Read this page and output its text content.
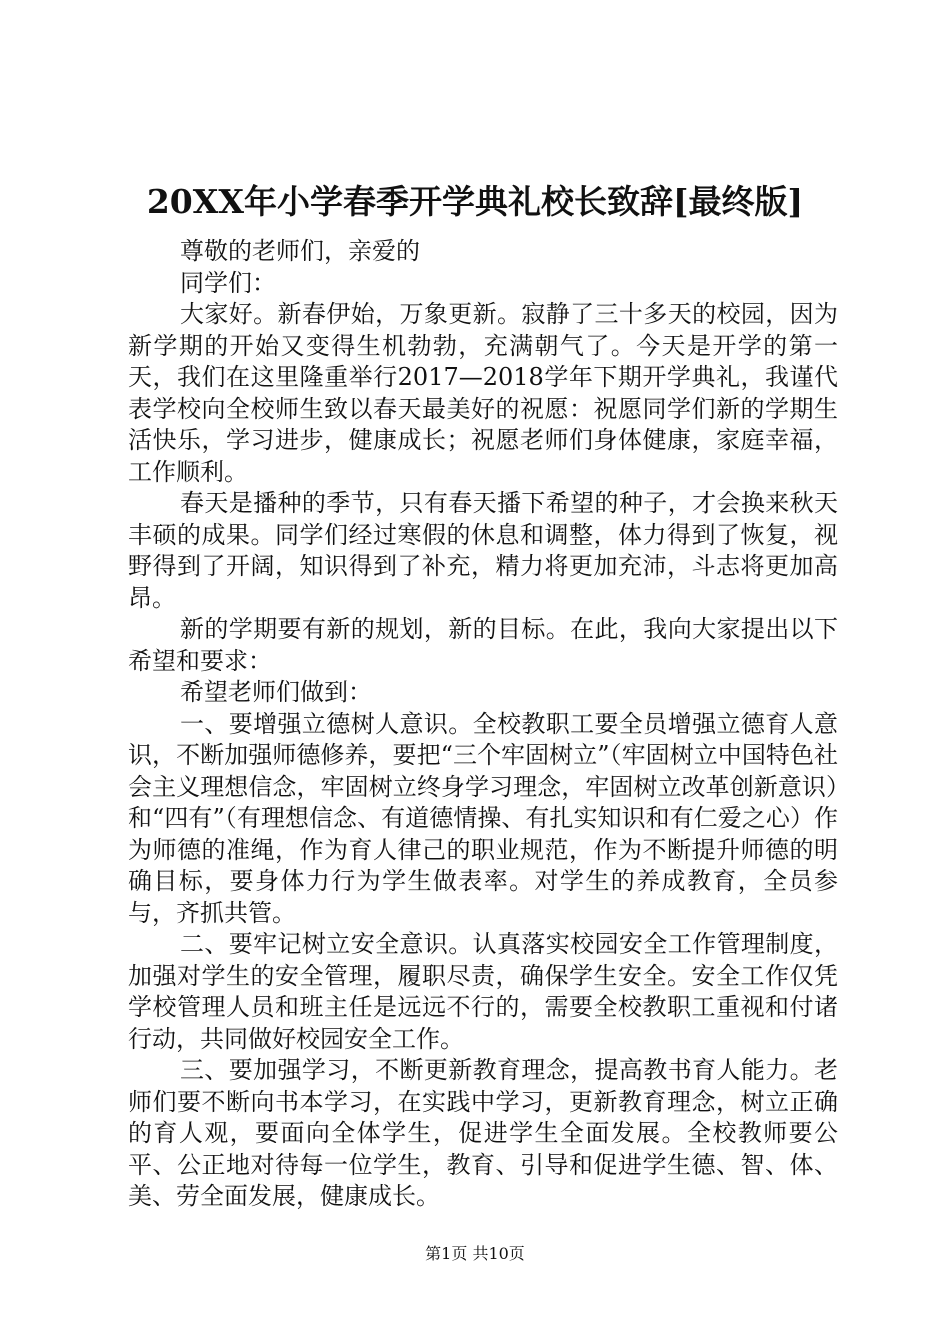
20XX年小学春季开学典礼校长致辞[最终版]

尊敬的老师们，亲爱的

同学们：

大家好。新春伊始，万象更新。寂静了三十多天的校园，因为新学期的开始又变得生机勃勃，充满朝气了。今天是开学的第一天，我们在这里隆重举行2017—2018学年下期开学典礼，我谨代表学校向全校师生致以春天最美好的祝愿：祝愿同学们新的学期生活快乐，学习进步，健康成长；祝愿老师们身体健康，家庭幸福，工作顺利。

春天是播种的季节，只有春天播下希望的种子，才会换来秋天丰硕的成果。同学们经过寒假的休息和调整，体力得到了恢复，视野得到了开阔，知识得到了补充，精力将更加充沛，斗志将更加高昂。

新的学期要有新的规划，新的目标。在此，我向大家提出以下希望和要求：

希望老师们做到：

一、要增强立德树人意识。全校教职工要全员增强立德育人意识，不断加强师德修养，要把“三个牢固树立”（牢固树立中国特色社会主义理想信念，牢固树立终身学习理念，牢固树立改革创新意识）和“四有”（有理想信念、有道德情操、有扎实知识和有仁爱之心）作为师德的准绳，作为育人律己的职业规范，作为不断提升师德的明确目标，要身体力行为学生做表率。对学生的养成教育，全员参与，齐抓共管。

二、要牢记树立安全意识。认真落实校园安全工作管理制度，加强对学生的安全管理，履职尽责，确保学生安全。安全工作仅凭学校管理人员和班主任是远远不行的，需要全校教职工重视和付诸行动，共同做好校园安全工作。

三、要加强学习，不断更新教育理念，提高教书育人能力。老师们要不断向书本学习，在实践中学习，更新教育理念，树立正确的育人观，要面向全体学生，促进学生全面发展。全校教师要公平、公正地对待每一位学生，教育、引导和促进学生德、智、体、美、劳全面发展，健康成长。

第1页 共10页
